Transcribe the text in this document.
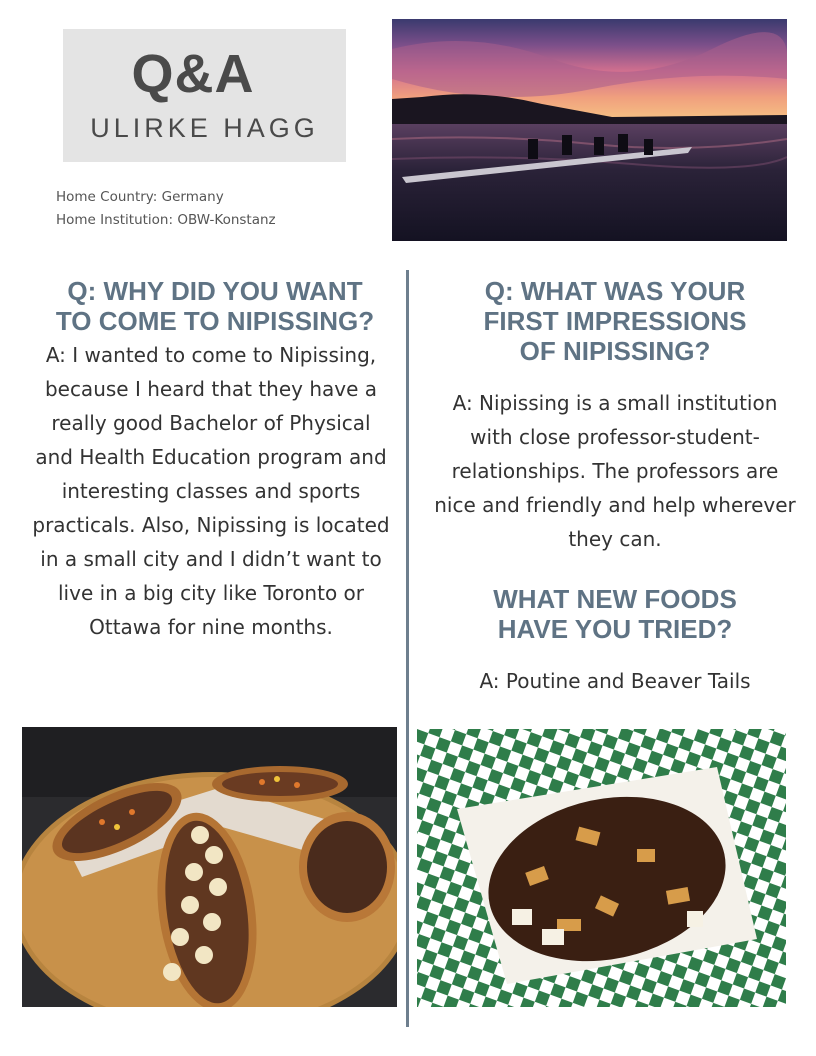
Q&A
ULIRKE HAGG
Home Country: Germany
Home Institution: OBW-Konstanz
Q: WHY DID YOU WANT
TO COME TO NIPISSING?
A: I wanted to come to Nipissing, because I heard that they have a really good Bachelor of Physical and Health Education program and interesting classes and sports practicals. Also, Nipissing is located in a small city and I didn’t want to live in a big city like Toronto or Ottawa for nine months.
Q: WHAT WAS YOUR
FIRST IMPRESSIONS
OF NIPISSING?
A: Nipissing is a small institution with close professor-student-relationships. The professors are nice and friendly and help wherever they can.
WHAT NEW FOODS
HAVE YOU TRIED?
A: Poutine and Beaver Tails
